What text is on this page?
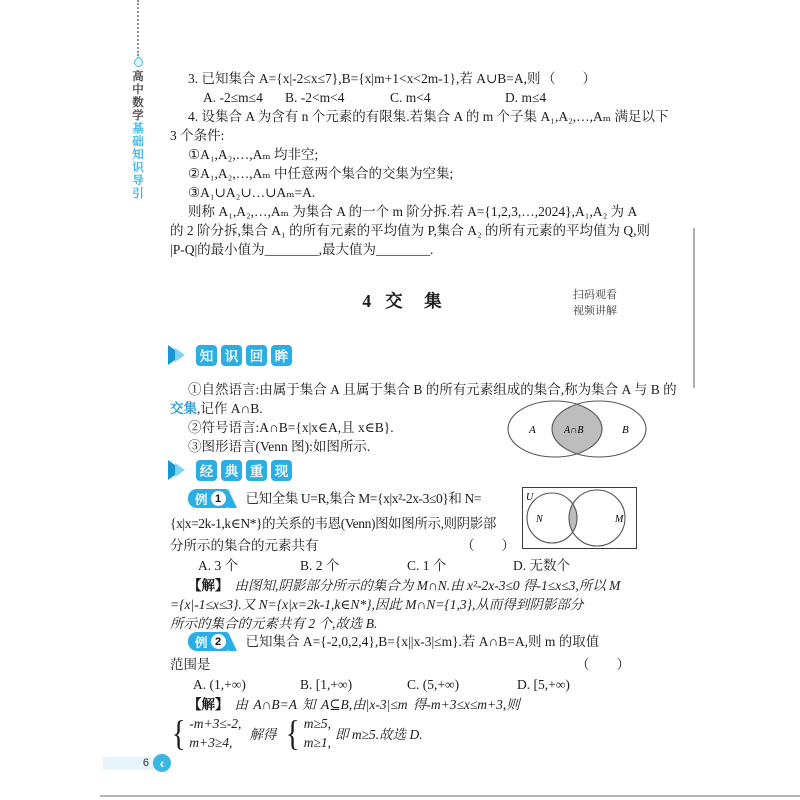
高中数学基础知识导引
3. 已知集合 A={x|-2≤x≤7},B={x|m+1<x<2m-1},若 A∪B=A,则 （　　）
A. -2≤m≤4	B. -2<m<4	C. m<4	D. m≤4
4. 设集合 A 为含有 n 个元素的有限集.若集合 A 的 m 个子集 A₁,A₂,…,Aₘ 满足以下
3 个条件:
①A₁,A₂,…,Aₘ 均非空;
②A₁,A₂,…,Aₘ 中任意两个集合的交集为空集;
③A₁∪A₂∪…∪Aₘ=A.
则称 A₁,A₂,…,Aₘ 为集合 A 的一个 m 阶分拆.若 A={1,2,3,…,2024},A₁,A₂ 为 A
的 2 阶分拆,集合 A₁ 的所有元素的平均值为 P,集合 A₂ 的所有元素的平均值为 Q,则
|P-Q|的最小值为________,最大值为________.
4 交　集	扫码观看
视频讲解
知 识 回 眸
①自然语言:由属于集合 A 且属于集合 B 的所有元素组成的集合,称为集合 A 与 B 的
交集,记作 A∩B.
②符号语言:A∩B={x|x∈A,且 x∈B}.
③图形语言(Venn 图):如图所示.
A	A∩B	B
经 典 重 现
例 1	已知全集 U=R,集合 M={x|x²-2x-3≤0}和 N=
{x|x=2k-1,k∈N*}的关系的韦恩(Venn)图如图所示,则阴影部
分所示的集合的元素共有	（　　）
A. 3 个	B. 2 个	C. 1 个	D. 无数个
U
N	M
【解】 由图知,阴影部分所示的集合为 M∩N.由 x²-2x-3≤0 得-1≤x≤3,所以 M
={x|-1≤x≤3}.又 N={x|x=2k-1,k∈N*},因此 M∩N={1,3},从而得到阴影部分
所示的集合的元素共有 2 个,故选 B.
例 2	已知集合 A={-2,0,2,4},B={x||x-3|≤m}.若 A∩B=A,则 m 的取值
范围是	（　　）
A. (1,+∞)	B. [1,+∞)	C. (5,+∞)	D. [5,+∞)
【解】 由 A∩B=A 知 A⊆B,由|x-3|≤m 得-m+3≤x≤m+3,则
{ -m+3≤-2,
m+3≥4,
解得 { m≥5,
m≥1,
即 m≥5.故选 D.
6 ‹
